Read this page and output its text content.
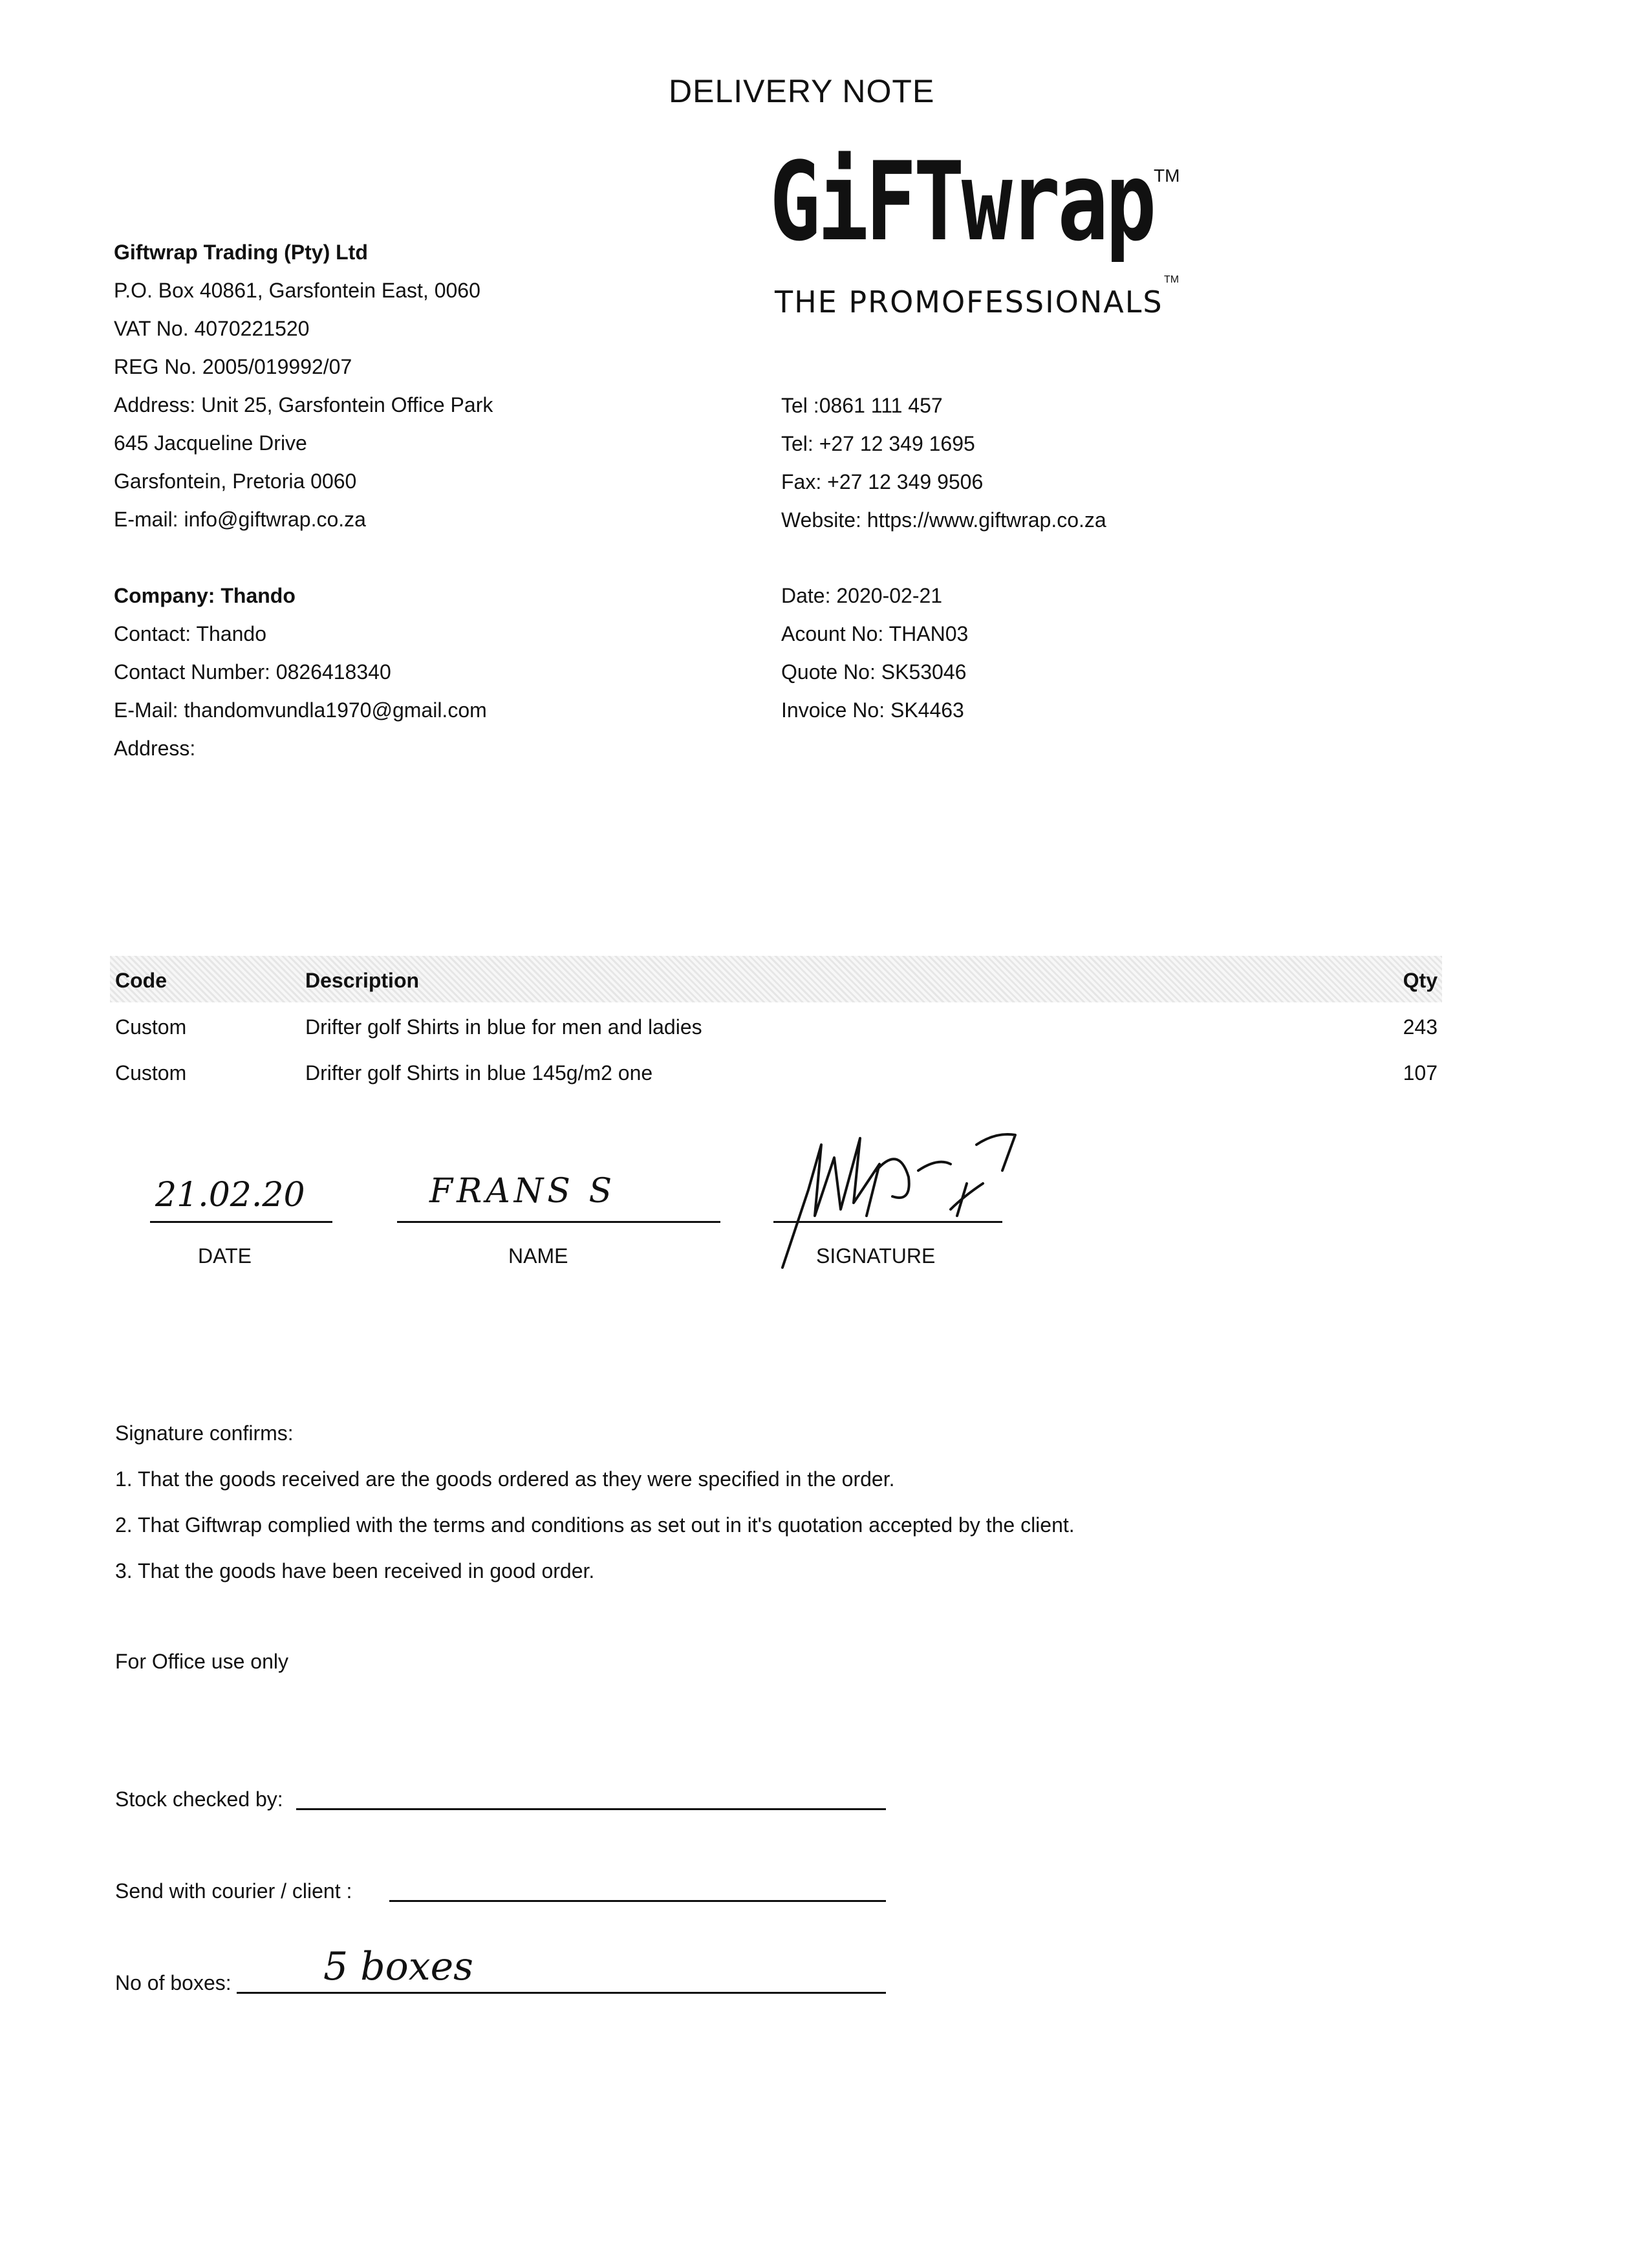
DELIVERY NOTE
GiFTwrap TM
THE PROMOFESSIONALS
TM
Giftwrap Trading (Pty) Ltd
P.O. Box 40861, Garsfontein East, 0060
VAT No. 4070221520
REG No. 2005/019992/07
Address: Unit 25, Garsfontein Office Park
645 Jacqueline Drive
Garsfontein, Pretoria 0060
E-mail: info@giftwrap.co.za
Tel :0861 111 457
Tel: +27 12 349 1695
Fax: +27 12 349 9506
Website: https://www.giftwrap.co.za
Company: Thando
Contact: Thando
Contact Number: 0826418340
E-Mail: thandomvundla1970@gmail.com
Address:
Date: 2020-02-21
Acount No: THAN03
Quote No: SK53046
Invoice No: SK4463
Code	Description	Qty
Custom	Drifter golf Shirts in blue for men and ladies	243
Custom	Drifter golf Shirts in blue 145g/m2 one	107
21.02.20
DATE
FRANS S
NAME	SIGNATURE
Signature confirms:
1. That the goods received are the goods ordered as they were specified in the order.
2. That Giftwrap complied with the terms and conditions as set out in it's quotation accepted by the client.
3. That the goods have been received in good order.
For Office use only
Stock checked by:
Send with courier / client :
No of boxes: 5 boxes
